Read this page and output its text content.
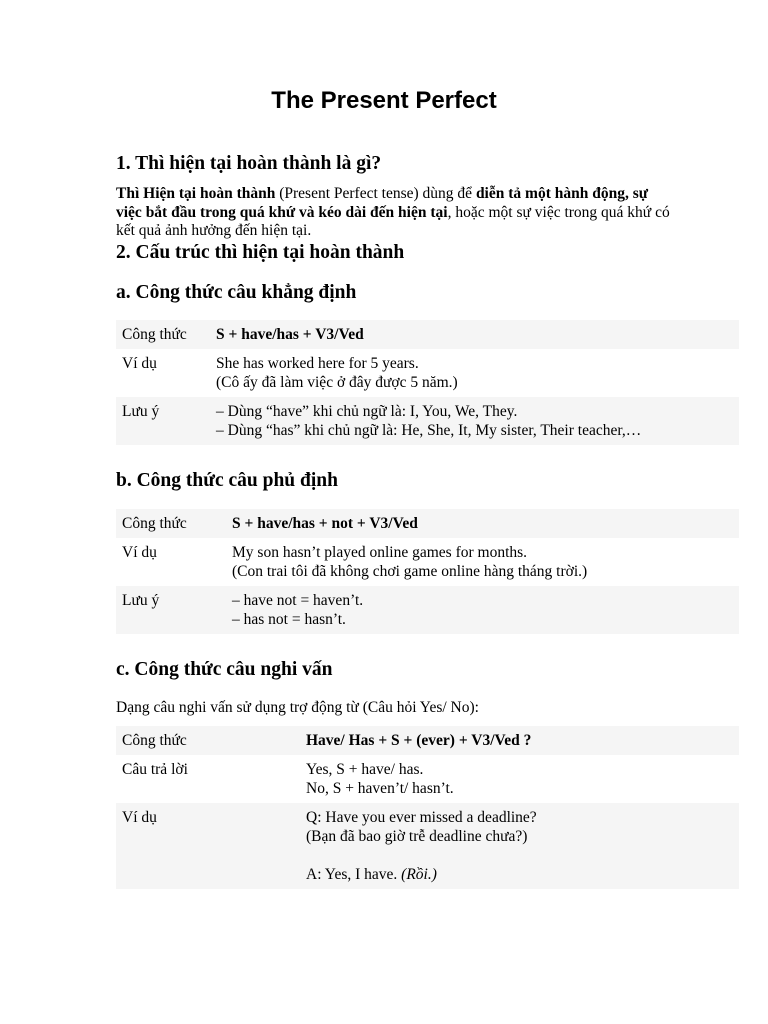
The Present Perfect
1. Thì hiện tại hoàn thành là gì?

Thì Hiện tại hoàn thành (Present Perfect tense) dùng để diễn tả một hành động, sự việc bắt đầu trong quá khứ và kéo dài đến hiện tại, hoặc một sự việc trong quá khứ có kết quả ảnh hưởng đến hiện tại.

2. Cấu trúc thì hiện tại hoàn thành
a. Công thức câu khẳng định
Công thức	S + have/has + V3/Ved
Ví dụ	She has worked here for 5 years.
(Cô ấy đã làm việc ở đây được 5 năm.)

Lưu ý	– Dùng “have” khi chủ ngữ là: I, You, We, They.
– Dùng “has” khi chủ ngữ là: He, She, It, My sister, Their teacher,…
b. Công thức câu phủ định
Công thức	S + have/has + not + V3/Ved
Ví dụ	My son hasn’t played online games for months.
(Con trai tôi đã không chơi game online hàng tháng trời.)

Lưu ý	– have not = haven’t.
– has not = hasn’t.
c. Công thức câu nghi vấn

Dạng câu nghi vấn sử dụng trợ động từ (Câu hỏi Yes/ No):

Công thức	Have/ Has + S + (ever) + V3/Ved ?
Câu trả lời	Yes, S + have/ has.
No, S + haven’t/ hasn’t.

Ví dụ	Q: Have you ever missed a deadline?
(Bạn đã bao giờ trễ deadline chưa?)
A: Yes, I have. (Rồi.)
